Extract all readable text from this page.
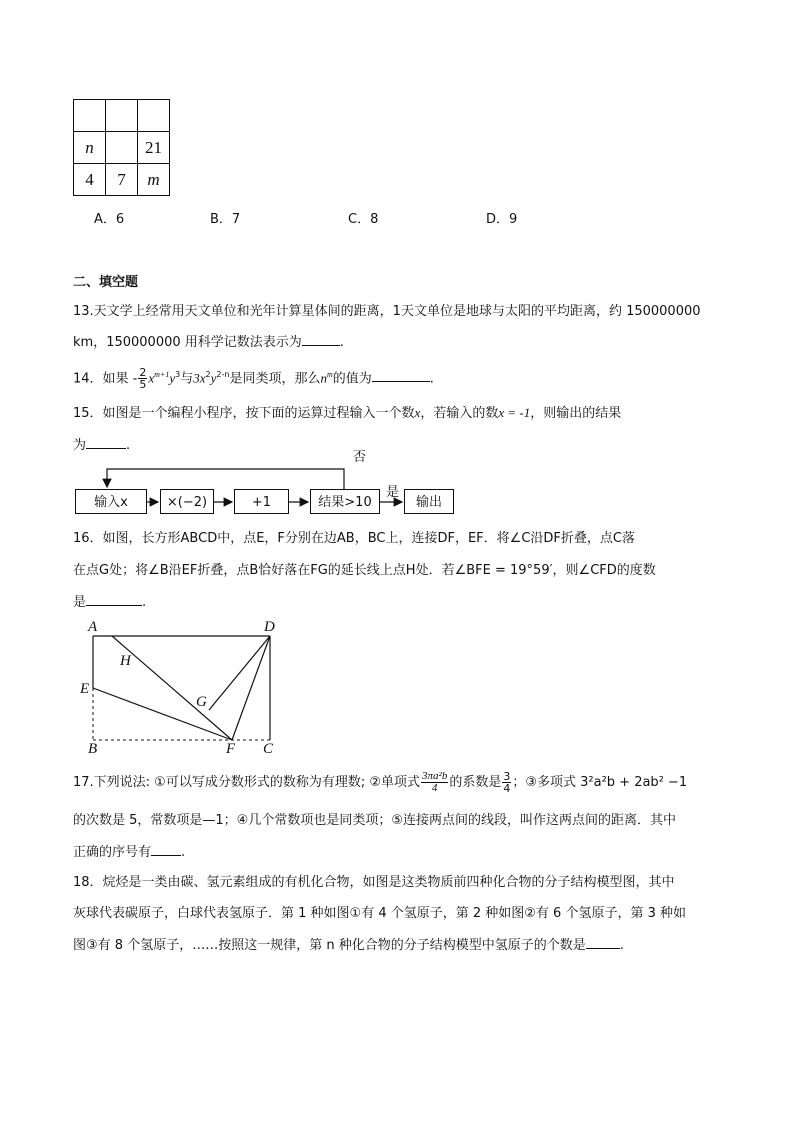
n		21
4	7	m
A．6	B．7	C．8	D．9
二、填空题
13.天文学上经常用天文单位和光年计算星体间的距离，1天文单位是地球与太阳的平均距离，约 150000000
km，150000000 用科学记数法表示为	.
14．如果 - $\frac{2}{5} x^{m+1}y^3$与$3x^2y^{2-n}$是同类项，那么$n^m$的值为	.
15．如图是一个编程小程序，按下面的运算过程输入一个数x，若输入的数x = -1，则输出的结果
为	.
输入x	×(−2)	+1	结果>10	输出
否
是
16．如图，长方形ABCD中，点E，F分别在边AB，BC上，连接DF，EF．将∠C沿DF折叠，点C落
在点G处；将∠B沿EF折叠，点B恰好落在FG的延长线上点H处．若∠BFE = 19°59′，则∠CFD的度数
是	.
A	D
H
E
G
B	F C
17.下列说法: ①可以写成分数形式的数称为有理数; ②单项式 $\frac{\text{3πa²b}}{4}$ 的系数是 $\frac{3}{4}$ ；③多项式 3²a²b + 2ab² −1
的次数是 5，常数项是—1；④几个常数项也是同类项；⑤连接两点间的线段，叫作这两点间的距离．其中
正确的序号有 .
18．烷烃是一类由碳、氢元素组成的有机化合物，如图是这类物质前四种化合物的分子结构模型图，其中
灰球代表碳原子，白球代表氢原子．第 1 种如图①有 4 个氢原子，第 2 种如图②有 6 个氢原子，第 3 种如
图③有 8 个氢原子，……按照这一规律，第 n 种化合物的分子结构模型中氢原子的个数是	.
